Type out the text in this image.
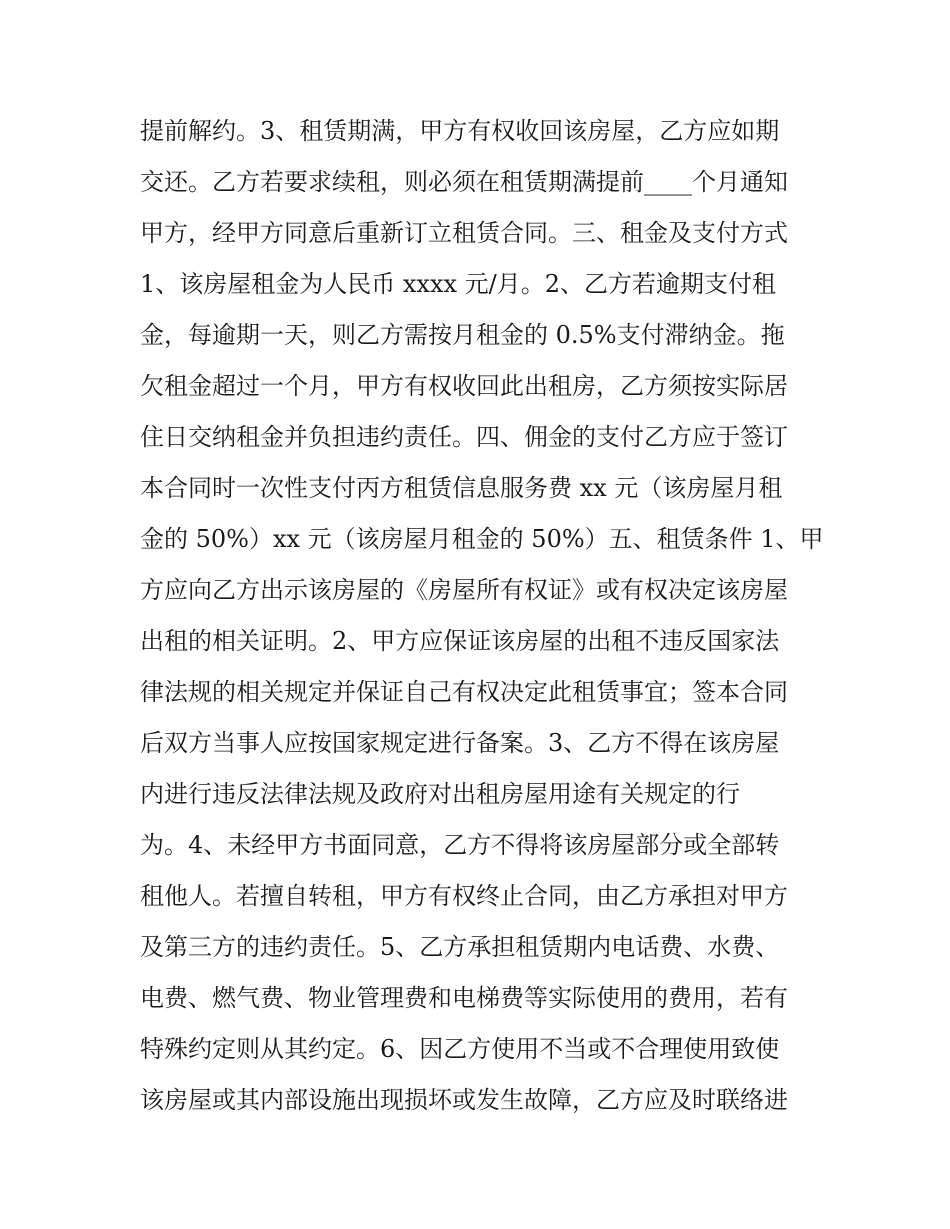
提前解约。3、租赁期满，甲方有权收回该房屋，乙方应如期
交还。乙方若要求续租，则必须在租赁期满提前____个月通知
甲方，经甲方同意后重新订立租赁合同。三、租金及支付方式
1、该房屋租金为人民币 xxxx 元/月。2、乙方若逾期支付租
金，每逾期一天，则乙方需按月租金的 0.5%支付滞纳金。拖
欠租金超过一个月，甲方有权收回此出租房，乙方须按实际居
住日交纳租金并负担违约责任。四、佣金的支付乙方应于签订
本合同时一次性支付丙方租赁信息服务费 xx 元（该房屋月租
金的 50%）xx 元（该房屋月租金的 50%）五、租赁条件 1、甲
方应向乙方出示该房屋的《房屋所有权证》或有权决定该房屋
出租的相关证明。2、甲方应保证该房屋的出租不违反国家法
律法规的相关规定并保证自己有权决定此租赁事宜；签本合同
后双方当事人应按国家规定进行备案。3、乙方不得在该房屋
内进行违反法律法规及政府对出租房屋用途有关规定的行
为。4、未经甲方书面同意，乙方不得将该房屋部分或全部转
租他人。若擅自转租，甲方有权终止合同，由乙方承担对甲方
及第三方的违约责任。5、乙方承担租赁期内电话费、水费、
电费、燃气费、物业管理费和电梯费等实际使用的费用，若有
特殊约定则从其约定。6、因乙方使用不当或不合理使用致使
该房屋或其内部设施出现损坏或发生故障，乙方应及时联络进
